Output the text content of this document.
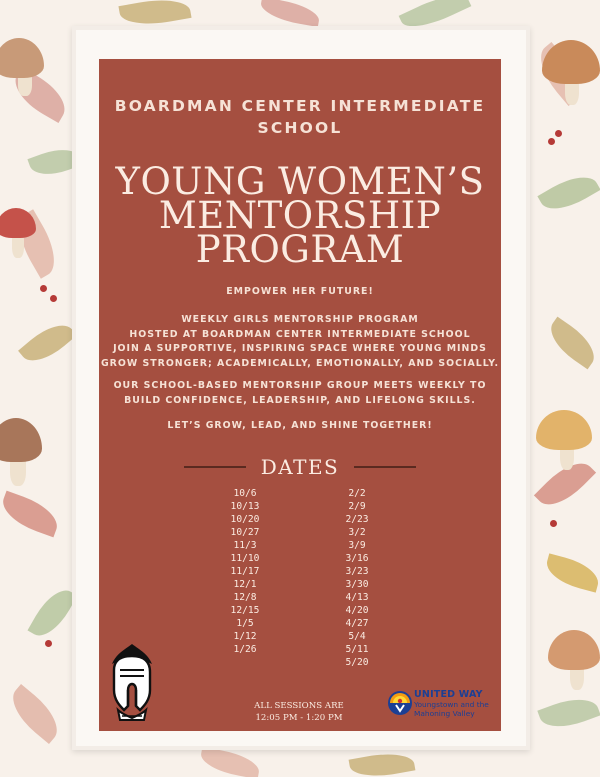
BOARDMAN CENTER INTERMEDIATE
SCHOOL
YOUNG WOMEN’S
MENTORSHIP
PROGRAM
EMPOWER HER FUTURE!
WEEKLY GIRLS MENTORSHIP PROGRAM
HOSTED AT BOARDMAN CENTER INTERMEDIATE SCHOOL
JOIN A SUPPORTIVE, INSPIRING SPACE WHERE YOUNG MINDS
GROW STRONGER; ACADEMICALLY, EMOTIONALLY, AND SOCIALLY.
OUR SCHOOL-BASED MENTORSHIP GROUP MEETS WEEKLY TO
BUILD CONFIDENCE, LEADERSHIP, AND LIFELONG SKILLS.
LET’S GROW, LEAD, AND SHINE TOGETHER!
DATES
10/6
10/13
10/20
10/27
11/3
11/10
11/17
12/1
12/8
12/15
1/5
1/12
1/26
2/2
2/9
2/23
3/2
3/9
3/16
3/23
3/30
4/13
4/20
4/27
5/4
5/11
5/20
ALL SESSIONS ARE
12:05 PM - 1:20 PM
UNITED WAY
Youngstown and the
Mahoning Valley
